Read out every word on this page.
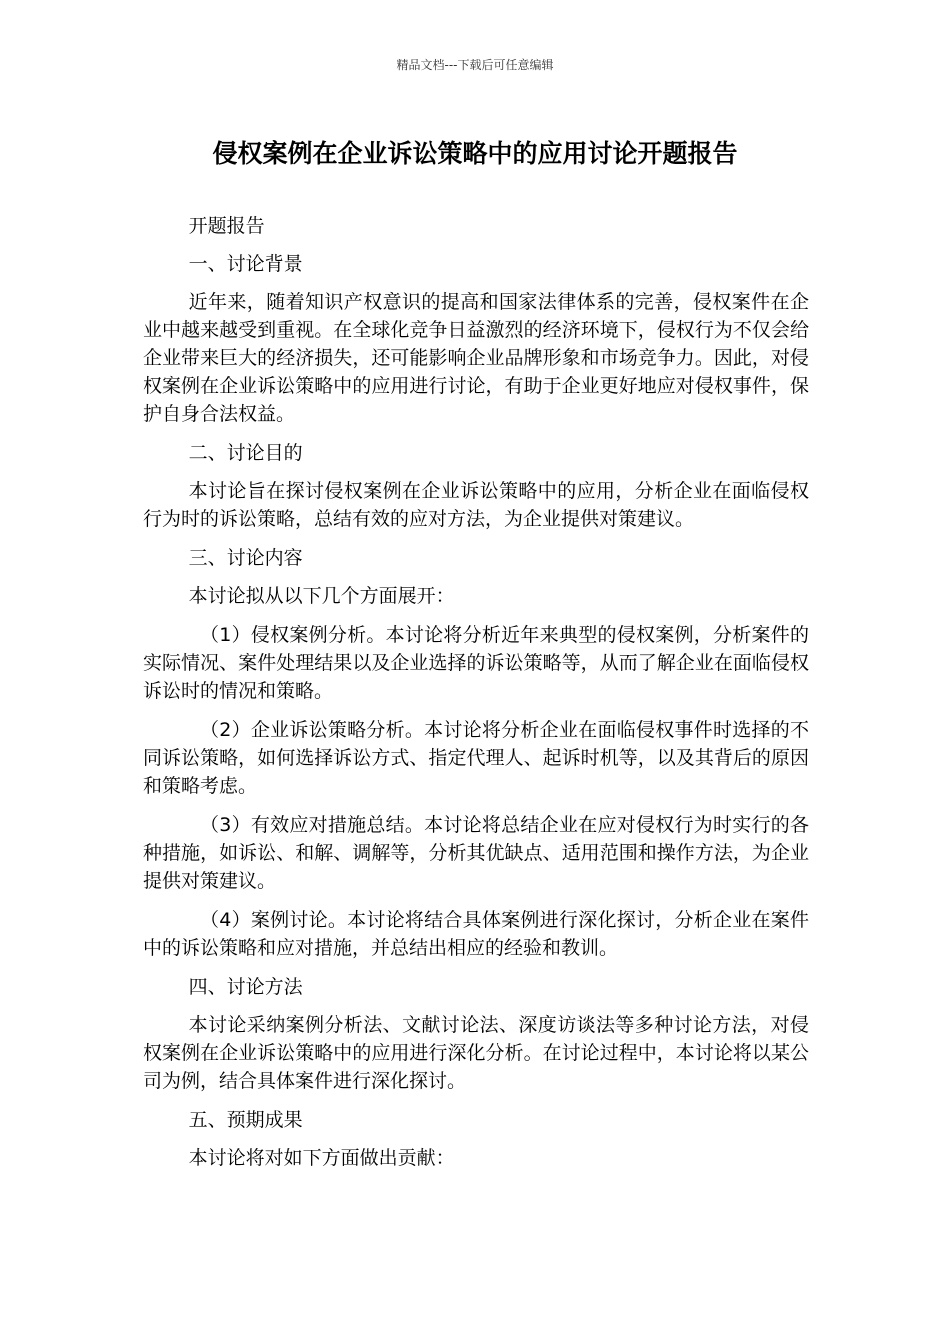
精品文档---下载后可任意编辑
侵权案例在企业诉讼策略中的应用讨论开题报告

开题报告

一、讨论背景

近年来，随着知识产权意识的提高和国家法律体系的完善，侵权案件在企业中越来越受到重视。在全球化竞争日益激烈的经济环境下，侵权行为不仅会给企业带来巨大的经济损失，还可能影响企业品牌形象和市场竞争力。因此，对侵权案例在企业诉讼策略中的应用进行讨论，有助于企业更好地应对侵权事件，保护自身合法权益。

二、讨论目的

本讨论旨在探讨侵权案例在企业诉讼策略中的应用，分析企业在面临侵权行为时的诉讼策略，总结有效的应对方法，为企业提供对策建议。

三、讨论内容

本讨论拟从以下几个方面展开：

（1）侵权案例分析。本讨论将分析近年来典型的侵权案例，分析案件的实际情况、案件处理结果以及企业选择的诉讼策略等，从而了解企业在面临侵权诉讼时的情况和策略。

（2）企业诉讼策略分析。本讨论将分析企业在面临侵权事件时选择的不同诉讼策略，如何选择诉讼方式、指定代理人、起诉时机等，以及其背后的原因和策略考虑。

（3）有效应对措施总结。本讨论将总结企业在应对侵权行为时实行的各种措施，如诉讼、和解、调解等，分析其优缺点、适用范围和操作方法，为企业提供对策建议。

（4）案例讨论。本讨论将结合具体案例进行深化探讨，分析企业在案件中的诉讼策略和应对措施，并总结出相应的经验和教训。

四、讨论方法

本讨论采纳案例分析法、文献讨论法、深度访谈法等多种讨论方法，对侵权案例在企业诉讼策略中的应用进行深化分析。在讨论过程中，本讨论将以某公司为例，结合具体案件进行深化探讨。

五、预期成果

本讨论将对如下方面做出贡献：
